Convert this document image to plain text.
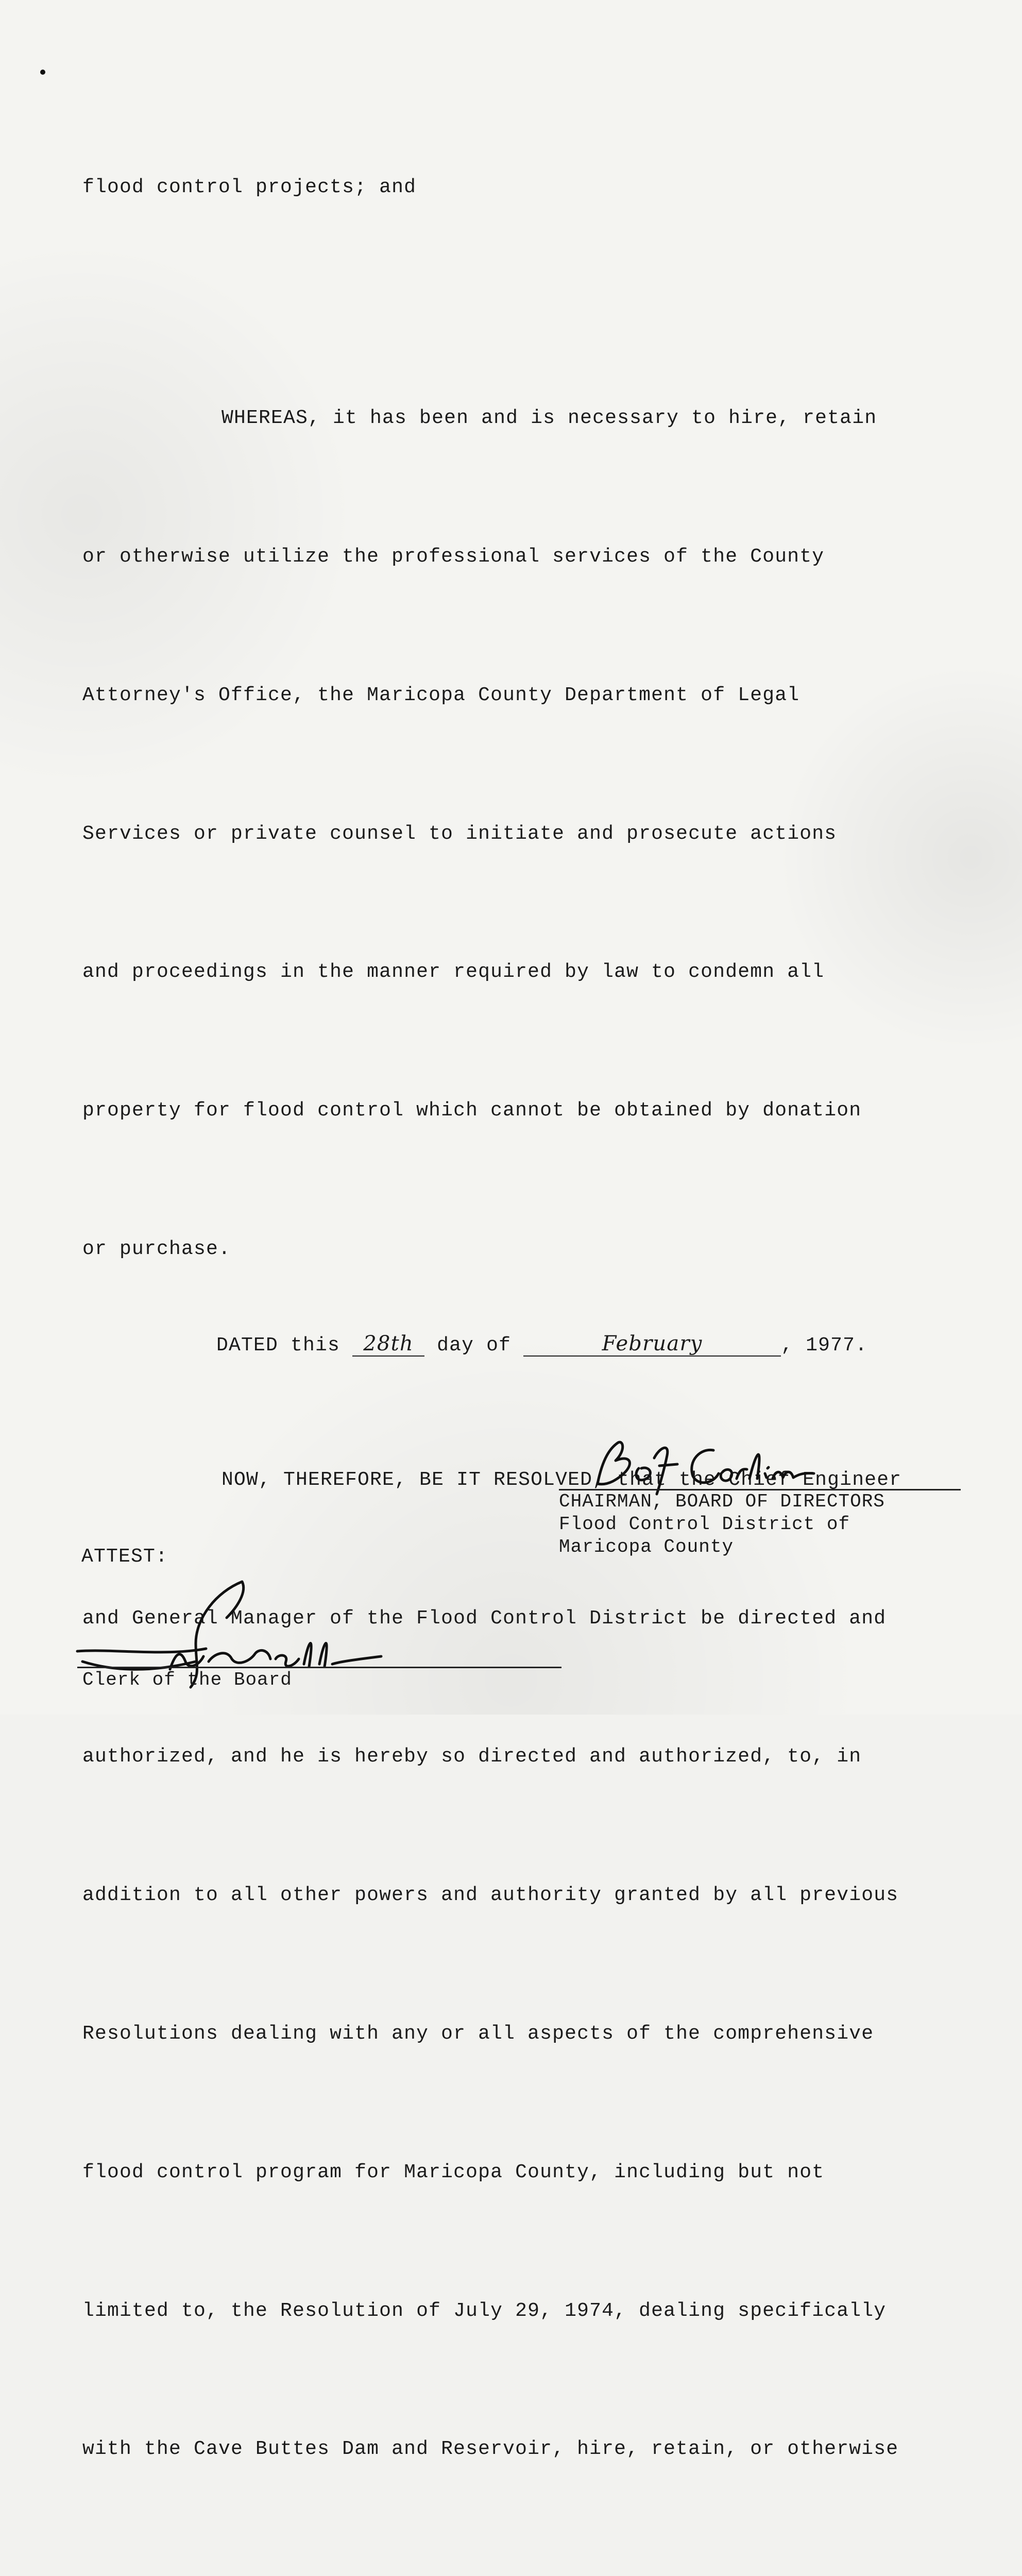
flood control projects; and

WHEREAS, it has been and is necessary to hire, retain

or otherwise utilize the professional services of the County

Attorney's Office, the Maricopa County Department of Legal

Services or private counsel to initiate and prosecute actions

and proceedings in the manner required by law to condemn all

property for flood control which cannot be obtained by donation

or purchase.

NOW, THEREFORE, BE IT RESOLVED, that the Chief Engineer

and General Manager of the Flood Control District be directed and

authorized, and he is hereby so directed and authorized, to, in

addition to all other powers and authority granted by all previous

Resolutions dealing with any or all aspects of the comprehensive

flood control program for Maricopa County, including but not

limited to, the Resolution of July 29, 1974, dealing specifically

with the Cave Buttes Dam and Reservoir, hire, retain, or otherwise

DATED this 28th day of	February	, 1977.
CHAIRMAN, BOARD OF DIRECTORS
Flood Control District of
Maricopa County
ATTEST:
Clerk of the Board
